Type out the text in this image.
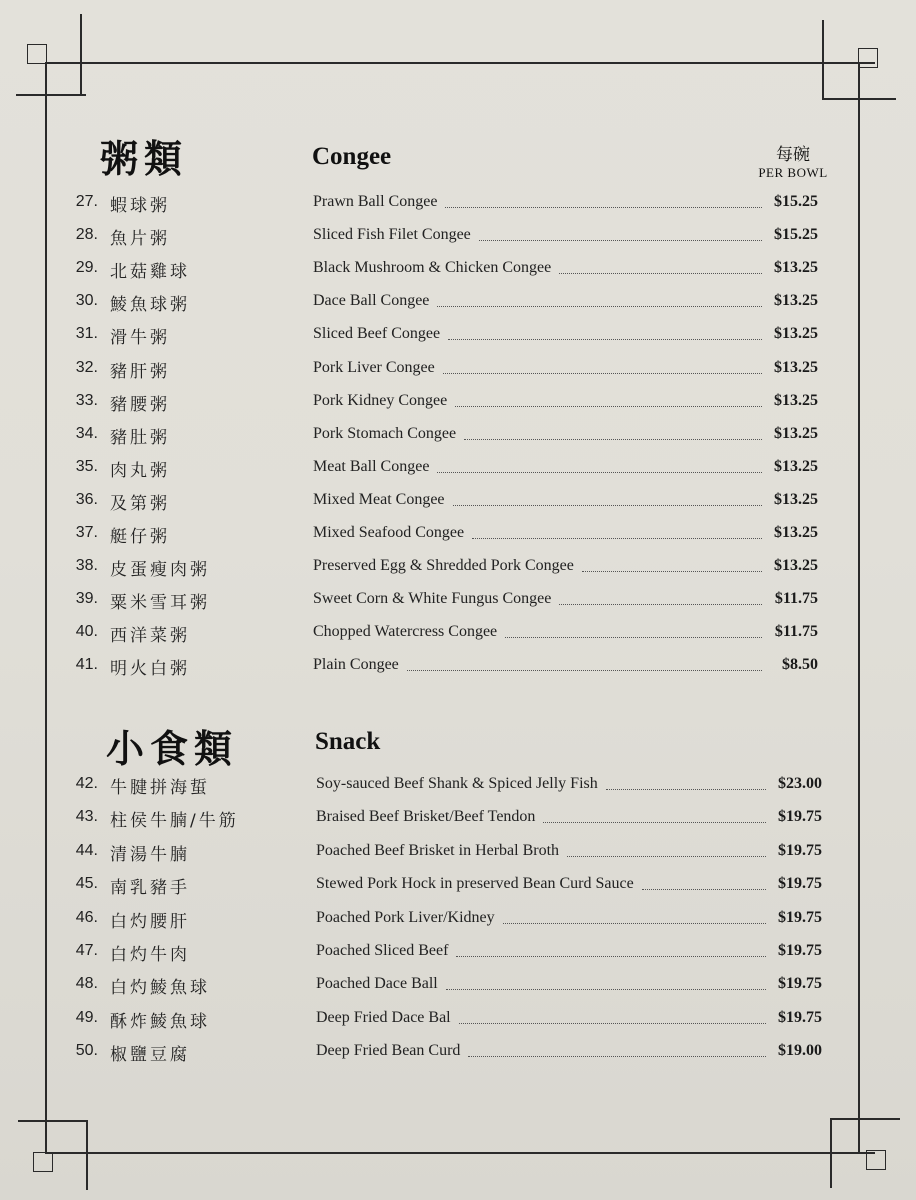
粥類	Congee	每碗
PER BOWL
27. 蝦球粥	Prawn Ball Congee	$15.25
28. 魚片粥	Sliced Fish Filet Congee	$15.25
29. 北菇雞球	Black Mushroom & Chicken Congee	$13.25
30. 鯪魚球粥	Dace Ball Congee	$13.25
31. 滑牛粥	Sliced Beef Congee	$13.25
32. 豬肝粥	Pork Liver Congee	$13.25
33. 豬腰粥	Pork Kidney Congee	$13.25
34. 豬肚粥	Pork Stomach Congee	$13.25
35. 肉丸粥	Meat Ball Congee	$13.25
36. 及第粥	Mixed Meat Congee	$13.25
37. 艇仔粥	Mixed Seafood Congee	$13.25
38. 皮蛋瘦肉粥	Preserved Egg & Shredded Pork Congee	$13.25
39. 粟米雪耳粥	Sweet Corn & White Fungus Congee	$11.75
40. 西洋菜粥	Chopped Watercress Congee	$11.75
41. 明火白粥	Plain Congee	$8.50
小食類	Snack
42. 牛腱拼海蜇	Soy-sauced Beef Shank & Spiced Jelly Fish	$23.00
43. 柱侯牛腩/牛筋	Braised Beef Brisket/Beef Tendon	$19.75
44. 清湯牛腩	Poached Beef Brisket in Herbal Broth	$19.75
45. 南乳豬手	Stewed Pork Hock in preserved Bean Curd Sauce	$19.75
46. 白灼腰肝	Poached Pork Liver/Kidney	$19.75
47. 白灼牛肉	Poached Sliced Beef	$19.75
48. 白灼鯪魚球	Poached Dace Ball	$19.75
49. 酥炸鯪魚球	Deep Fried Dace Bal	$19.75
50. 椒鹽豆腐	Deep Fried Bean Curd	$19.00
